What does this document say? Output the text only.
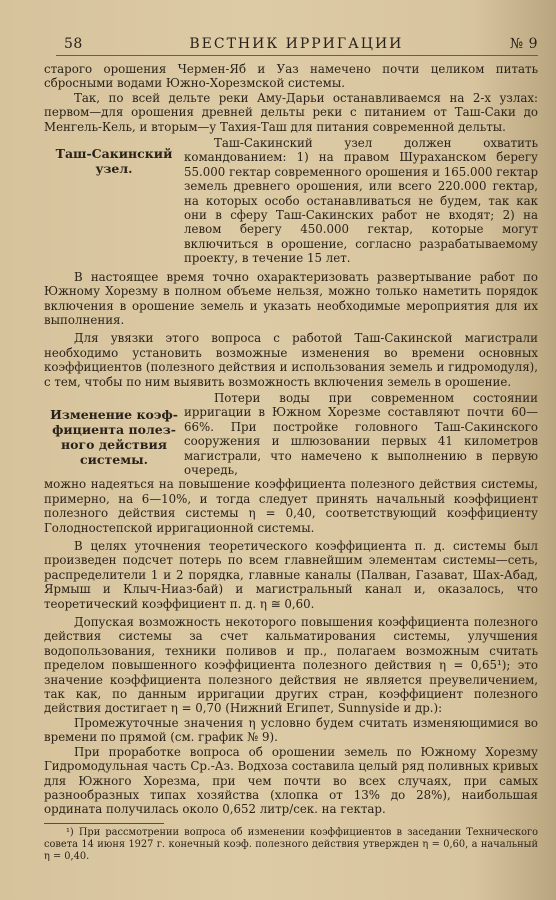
58	ВЕСТНИК ИРРИГАЦИИ	№ 9

старого орошения Чермен-Яб и Уаз намечено почти целиком питать сбросными водами Южно-Хорезмской системы.

Так, по всей дельте реки Аму-Дарьи останавливаемся на 2-х узлах: первом—для орошения древней дельты реки с питанием от Таш-Саки до Менгель-Кель, и вторым—у Тахия-Таш для питания современной дельты.

Таш-Сакинский
узел.

Таш-Сакинский узел должен охватить командованием: 1) на правом Шураханском берегу 55.000 гектар современного орошения и 165.000 гектар земель древнего орошения, или всего 220.000 гектар, на которых особо останавливаться не будем, так как они в сферу Таш-Сакинских работ не входят; 2) на левом берегу 450.000 гектар, которые могут включиться в орошение, согласно разрабатываемому проекту, в течение 15 лет.

В настоящее время точно охарактеризовать развертывание работ по Южному Хорезму в полном объеме нельзя, можно только наметить порядок включения в орошение земель и указать необходимые мероприятия для их выполнения.

Для увязки этого вопроса с работой Таш-Сакинской магистрали необходимо установить возможные изменения во времени основных коэффициентов (полезного действия и использования земель и гидромодуля), с тем, чтобы по ним выявить возможность включения земель в орошение.

Изменение коэф-
фициента полез-
ного действия
системы.

Потери воды при современном состоянии ирригации в Южном Хорезме составляют почти 60—66%. При постройке головного Таш-Сакинского сооружения и шлюзовании первых 41 километров магистрали, что намечено к выполнению в первую очередь,

можно надеяться на повышение коэффициента полезного действия системы, примерно, на 6—10%, и тогда следует принять начальный коэффициент полезного действия системы η = 0,40, соответствующий коэффициенту Голодностепской ирригационной системы.

В целях уточнения теоретического коэффициента п. д. системы был произведен подсчет потерь по всем главнейшим элементам системы—сеть, распределители 1 и 2 порядка, главные каналы (Палван, Газават, Шах-Абад, Ярмыш и Клыч-Ниаз-бай) и магистральный канал и, оказалось, что теоретический коэффициент п. д. η ≅ 0,60.

Допуская возможность некоторого повышения коэффициента полезного действия системы за счет кальматирования системы, улучшения водопользования, техники поливов и пр., полагаем возможным считать пределом повышенного коэффициента полезного действия η = 0,65¹); это значение коэффициента полезного действия не является преувеличением, так как, по данным ирригации других стран, коэффициент полезного действия достигает η = 0,70 (Нижний Египет, Sunnyside и др.):

Промежуточные значения η условно будем считать изменяющимися во времени по прямой (см. график № 9).

При проработке вопроса об орошении земель по Южному Хорезму Гидромодульная часть Ср.-Аз. Водхоза составила целый ряд поливных кривых для Южного Хорезма, при чем почти во всех случаях, при самых разнообразных типах хозяйства (хлопка от 13% до 28%), наибольшая ордината получилась около 0,652 литр/сек. на гектар.

¹) При рассмотрении вопроса об изменении коэффициентов в заседании Технического совета 14 июня 1927 г. конечный коэф. полезного действия утвержден η = 0,60, а начальный η = 0,40.
